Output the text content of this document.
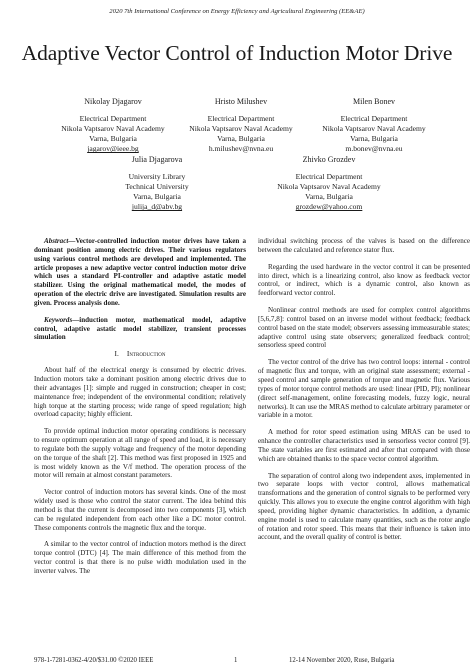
2020 7th International Conference on Energy Efficiency and Agricultural Engineering (EE&AE)
Adaptive Vector Control of Induction Motor Drive
Nikolay Djagarov
Electrical Department
Nikola Vaptsarov Naval Academy
Varna, Bulgaria
jagarov@ieee.bg
Hristo Milushev
Electrical Department
Nikola Vaptsarov Naval Academy
Varna, Bulgaria
h.milushev@nvna.eu
Milen Bonev
Electrical Department
Nikola Vaptsarov Naval Academy
Varna, Bulgaria
m.bonev@nvna.eu
Julia Djagarova
University Library
Technical University
Varna, Bulgaria
julija_d@abv.bg
Zhivko Grozdev
Electrical Department
Nikola Vaptsarov Naval Academy
Varna, Bulgaria
grozdew@yahoo.com

Abstract—Vector-controlled induction motor drives have taken a dominant position among electric drives. Their various regulators using various control methods are developed and implemented. The article proposes a new adaptive vector control induction motor drive which uses a standard PI-controller and adaptive astatic model stabilizer. Using the original mathematical model, the modes of operation of the electric drive are investigated. Simulation results are given. Process analysis done.

Keywords—induction motor, mathematical model, adaptive control, adaptive astatic model stabilizer, transient processes simulation

I. Introduction

About half of the electrical energy is consumed by electric drives. Induction motors take a dominant position among electric drives due to their advantages [1]: simple and rugged in construction; cheaper in cost; maintenance free; independent of the environmental condition; relatively high torque at the starting process; wide range of speed regulation; high overload capacity; highly efficient.

To provide optimal induction motor operating conditions is necessary to ensure optimum operation at all range of speed and load, it is necessary to regulate both the supply voltage and frequency of the motor depending on the torque of the shaft [2]. This method was first proposed in 1925 and is most widely known as the V/f method. The operation process of the motor will remain at almost constant parameters.

Vector control of induction motors has several kinds. One of the most widely used is those who control the stator current. The idea behind this method is that the current is decomposed into two components [3], which can be regulated independent from each other like a DC motor control. These components controls the magnetic flux and the torque.

A similar to the vector control of induction motors method is the direct torque control (DTC) [4]. The main difference of this method from the vector control is that there is no pulse width modulation used in the inverter valves. The

individual switching process of the valves is based on the difference between the calculated and reference stator flux.

Regarding the used hardware in the vector control it can be presented into direct, which is a linearizing control, also know as feedback vector control, or indirect, which is a dynamic control, also known as feedforward vector control.

Nonlinear control methods are used for complex control algorithms [5,6,7,8]: control based on an inverse model without feedback; feedback control based on the state model; observers assessing immeasurable states; adaptive control using state observers; generalized feedback control; sensorless speed control

The vector control of the drive has two control loops: internal - control of magnetic flux and torque, with an original state assessment; external - speed control and sample generation of torque and magnetic flux. Various types of motor torque control methods are used: linear (PID, PI); nonlinear (direct self-management, online forecasting models, fuzzy logic, neural networks). It can use the MRAS method to calculate arbitrary parameter or variable in a motor.

A method for rotor speed estimation using MRAS can be used to enhance the controller characteristics used in sensorless vector control [9]. The state variables are first estimated and after that compared with those which are obtained thanks to the space vector control algorithm.

The separation of control along two independent axes, implemented in two separate loops with vector control, allows mathematical transformations and the generation of control signals to be performed very quickly. This allows you to execute the engine control algorithm with high speed, providing higher dynamic characteristics. In addition, a dynamic engine model is used to calculate many quantities, such as the rotor angle of rotation and rotor speed. This means that their influence is taken into account, and the overall quality of control is better.

978-1-7281-0362-4/20/$31.00 ©2020 IEEE	1	12-14 November 2020, Ruse, Bulgaria
